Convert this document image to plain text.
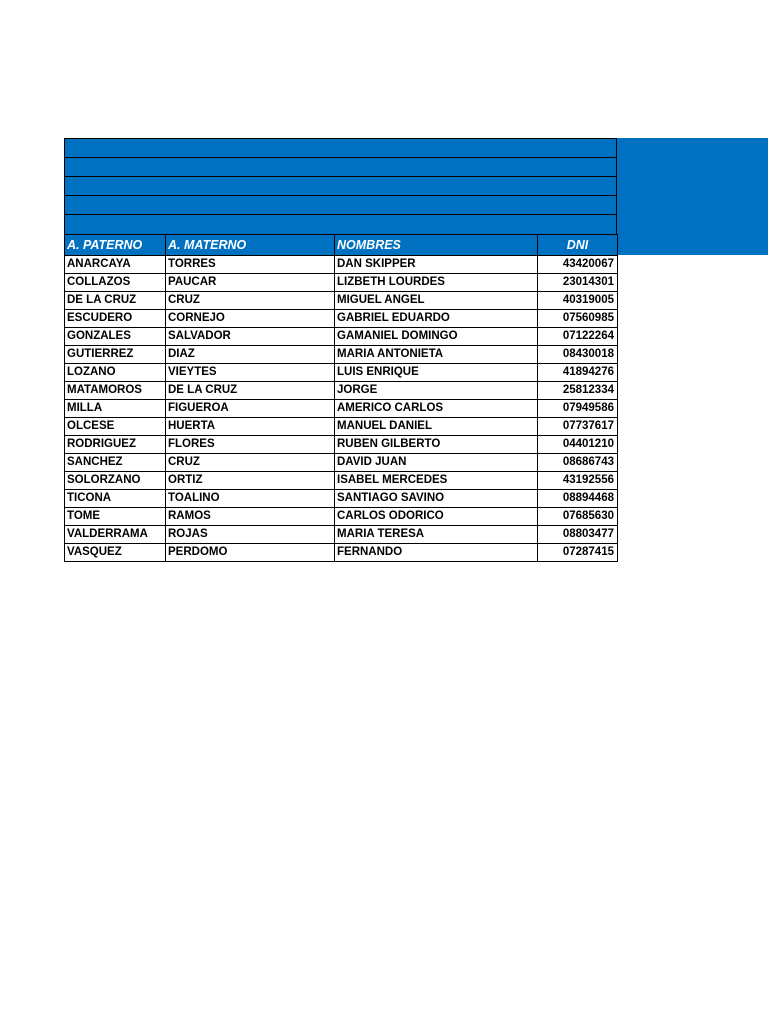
A. PATERNO	A. MATERNO	NOMBRES	DNI
ANARCAYA	TORRES	DAN SKIPPER	43420067
COLLAZOS	PAUCAR	LIZBETH LOURDES	23014301
DE LA CRUZ	CRUZ	MIGUEL ANGEL	40319005
ESCUDERO	CORNEJO	GABRIEL EDUARDO	07560985
GONZALES	SALVADOR	GAMANIEL DOMINGO	07122264
GUTIERREZ	DIAZ	MARIA ANTONIETA	08430018
LOZANO	VIEYTES	LUIS ENRIQUE	41894276
MATAMOROS	DE LA CRUZ	JORGE	25812334
MILLA	FIGUEROA	AMERICO CARLOS	07949586
OLCESE	HUERTA	MANUEL DANIEL	07737617
RODRIGUEZ	FLORES	RUBEN GILBERTO	04401210
SANCHEZ	CRUZ	DAVID JUAN	08686743
SOLORZANO	ORTIZ	ISABEL MERCEDES	43192556
TICONA	TOALINO	SANTIAGO SAVINO	08894468
TOME	RAMOS	CARLOS ODORICO	07685630
VALDERRAMA	ROJAS	MARIA TERESA	08803477
VASQUEZ	PERDOMO	FERNANDO	07287415
